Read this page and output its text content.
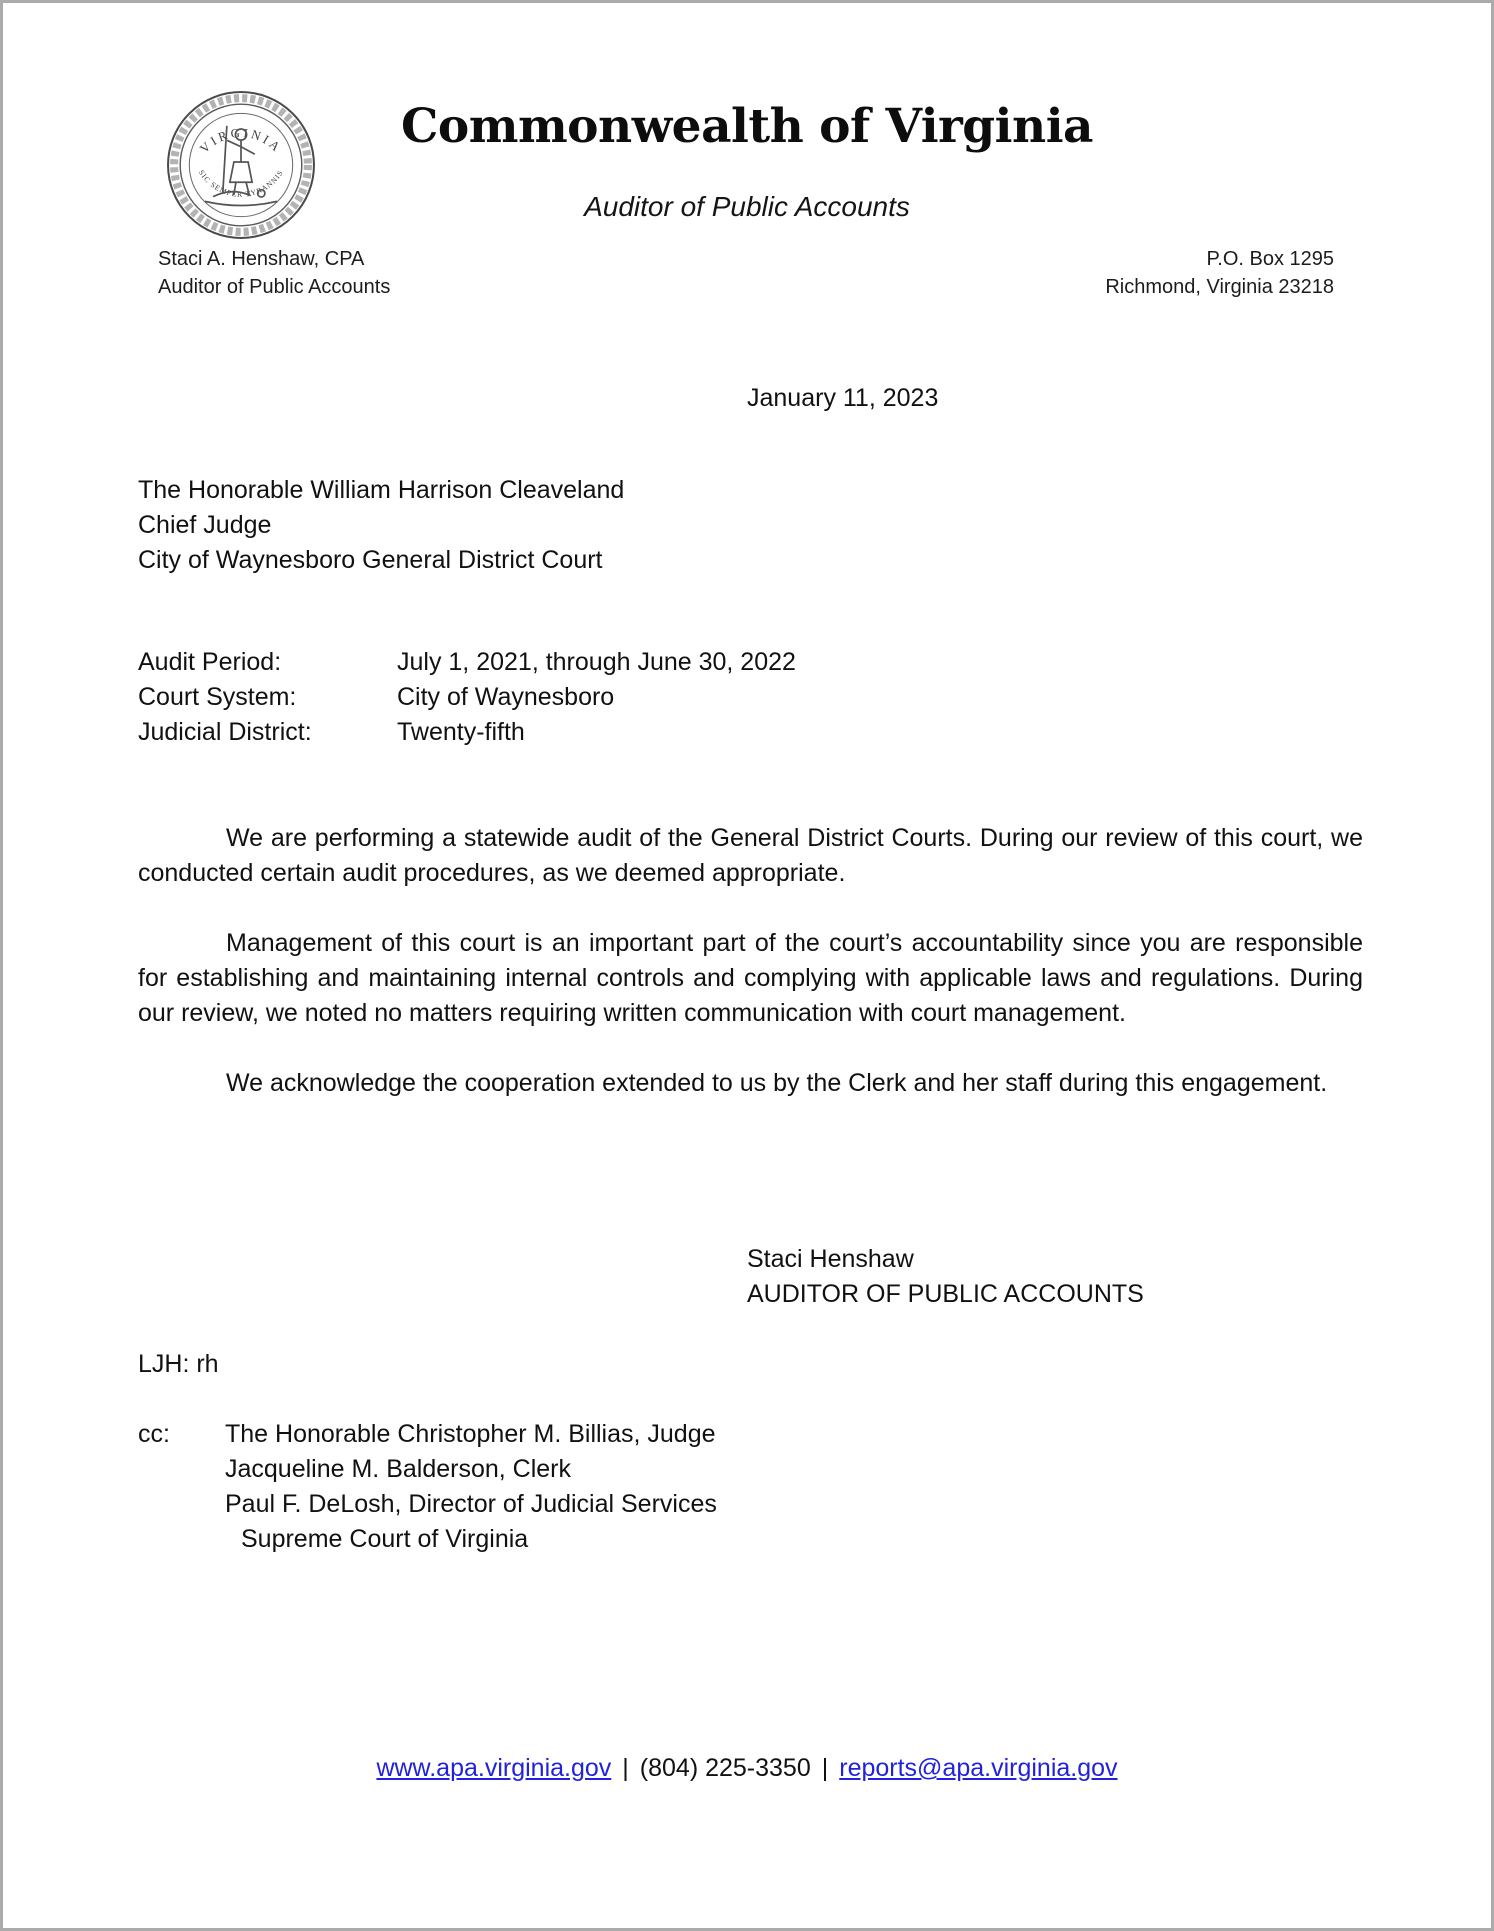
VIRGINIA
SIC SEMPER TYRANNIS
Commonwealth of Virginia
Auditor of Public Accounts
Staci A. Henshaw, CPA
Auditor of Public Accounts
P.O. Box 1295
Richmond, Virginia 23218
January 11, 2023
The Honorable William Harrison Cleaveland
Chief Judge
City of Waynesboro General District Court
Audit Period:	July 1, 2021, through June 30, 2022
Court System:	City of Waynesboro
Judicial District:	Twenty-fifth

We are performing a statewide audit of the General District Courts. During our review of this court, we conducted certain audit procedures, as we deemed appropriate.

Management of this court is an important part of the court’s accountability since you are responsible for establishing and maintaining internal controls and complying with applicable laws and regulations. During our review, we noted no matters requiring written communication with court management.

We acknowledge the cooperation extended to us by the Clerk and her staff during this engagement.

Staci Henshaw
AUDITOR OF PUBLIC ACCOUNTS
LJH: rh
cc:	The Honorable Christopher M. Billias, Judge
Jacqueline M. Balderson, Clerk
Paul F. DeLosh, Director of Judicial Services
Supreme Court of Virginia
www.apa.virginia.gov | (804) 225-3350 | reports@apa.virginia.gov
